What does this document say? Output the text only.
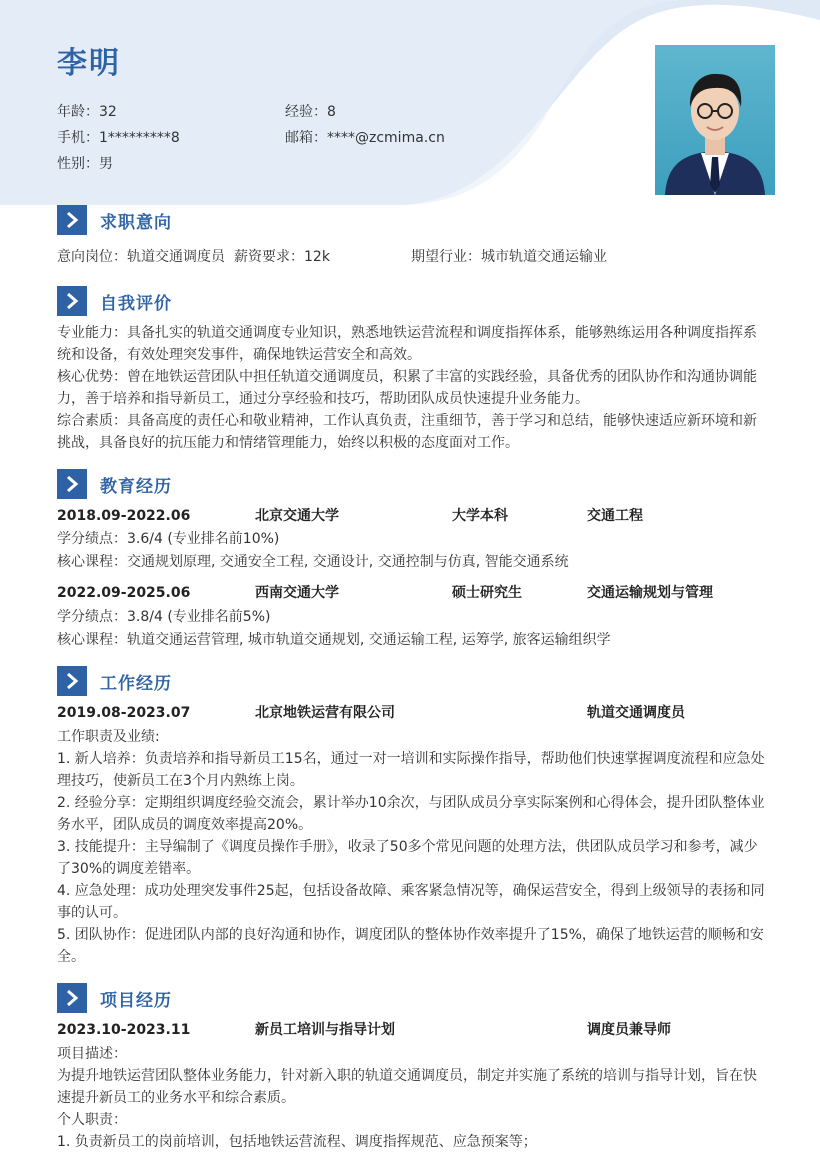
李明
年龄：32	经验：8
手机：1*********8	邮箱：****@zcmima.cn
性别：男
求职意向
意向岗位：轨道交通调度员 薪资要求：12k	期望行业：城市轨道交通运输业
自我评价

专业能力：具备扎实的轨道交通调度专业知识，熟悉地铁运营流程和调度指挥体系，能够熟练运用各种调度指挥系统和设备，有效处理突发事件，确保地铁运营安全和高效。

核心优势：曾在地铁运营团队中担任轨道交通调度员，积累了丰富的实践经验，具备优秀的团队协作和沟通协调能力，善于培养和指导新员工，通过分享经验和技巧，帮助团队成员快速提升业务能力。

综合素质：具备高度的责任心和敬业精神，工作认真负责，注重细节，善于学习和总结，能够快速适应新环境和新挑战，具备良好的抗压能力和情绪管理能力，始终以积极的态度面对工作。

教育经历
2018.09-2022.06	北京交通大学	大学本科	交通工程
学分绩点：3.6/4 (专业排名前10%)
核心课程：交通规划原理, 交通安全工程, 交通设计, 交通控制与仿真, 智能交通系统
2022.09-2025.06	西南交通大学	硕士研究生	交通运输规划与管理
学分绩点：3.8/4 (专业排名前5%)
核心课程：轨道交通运营管理, 城市轨道交通规划, 交通运输工程, 运筹学, 旅客运输组织学
工作经历
2019.08-2023.07	北京地铁运营有限公司	轨道交通调度员
工作职责及业绩:

1. 新人培养：负责培养和指导新员工15名，通过一对一培训和实际操作指导，帮助他们快速掌握调度流程和应急处理技巧，使新员工在3个月内熟练上岗。

2. 经验分享：定期组织调度经验交流会，累计举办10余次，与团队成员分享实际案例和心得体会，提升团队整体业务水平，团队成员的调度效率提高20%。

3. 技能提升：主导编制了《调度员操作手册》，收录了50多个常见问题的处理方法，供团队成员学习和参考，减少了30%的调度差错率。

4. 应急处理：成功处理突发事件25起，包括设备故障、乘客紧急情况等，确保运营安全，得到上级领导的表扬和同事的认可。

5. 团队协作：促进团队内部的良好沟通和协作，调度团队的整体协作效率提升了15%，确保了地铁运营的顺畅和安全。

项目经历
2023.10-2023.11	新员工培训与指导计划	调度员兼导师
项目描述：

为提升地铁运营团队整体业务能力，针对新入职的轨道交通调度员，制定并实施了系统的培训与指导计划，旨在快速提升新员工的业务水平和综合素质。

个人职责：
1. 负责新员工的岗前培训，包括地铁运营流程、调度指挥规范、应急预案等；
